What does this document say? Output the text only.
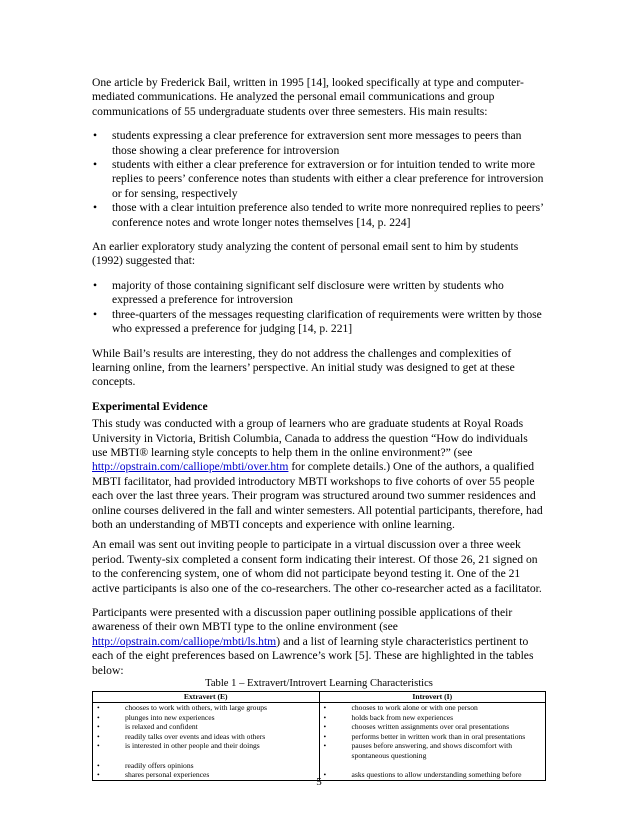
One article by Frederick Bail, written in 1995 [14], looked specifically at type and computer-mediated communications. He analyzed the personal email communications and group communications of 55 undergraduate students over three semesters. His main results:

• students expressing a clear preference for extraversion sent more messages to peers than those showing a clear preference for introversion
• students with either a clear preference for extraversion or for intuition tended to write more replies to peers’ conference notes than students with either a clear preference for introversion or for sensing, respectively
• those with a clear intuition preference also tended to write more nonrequired replies to peers’ conference notes and wrote longer notes themselves [14, p. 224]

An earlier exploratory study analyzing the content of personal email sent to him by students (1992) suggested that:

• majority of those containing significant self disclosure were written by students who expressed a preference for introversion
• three-quarters of the messages requesting clarification of requirements were written by those who expressed a preference for judging [14, p. 221]

While Bail’s results are interesting, they do not address the challenges and complexities of learning online, from the learners’ perspective. An initial study was designed to get at these concepts.

Experimental Evidence

This study was conducted with a group of learners who are graduate students at Royal Roads University in Victoria, British Columbia, Canada to address the question “How do individuals use MBTI® learning style concepts to help them in the online environment?” (see http://opstrain.com/calliope/mbti/over.htm for complete details.) One of the authors, a qualified MBTI facilitator, had provided introductory MBTI workshops to five cohorts of over 55 people each over the last three years. Their program was structured around two summer residences and online courses delivered in the fall and winter semesters. All potential participants, therefore, had both an understanding of MBTI concepts and experience with online learning.

An email was sent out inviting people to participate in a virtual discussion over a three week period. Twenty-six completed a consent form indicating their interest. Of those 26, 21 signed on to the conferencing system, one of whom did not participate beyond testing it. One of the 21 active participants is also one of the co-researchers. The other co-researcher acted as a facilitator.

Participants were presented with a discussion paper outlining possible applications of their awareness of their own MBTI type to the online environment (see http://opstrain.com/calliope/mbti/ls.htm) and a list of learning style characteristics pertinent to each of the eight preferences based on Lawrence’s work [5]. These are highlighted in the tables below:

Table 1 – Extravert/Introvert Learning Characteristics
Extravert (E)	Introvert (I)

• chooses to work with others, with large groups	• chooses to work alone or with one person

• plunges into new experiences	• holds back from new experiences

• is relaxed and confident	• chooses written assignments over oral presentations

• readily talks over events and ideas with others	• performs better in written work than in oral presentations

• is interested in other people and their doings	• pauses before answering, and shows discomfort with

	spontaneous questioning

• readily offers opinions

• shares personal experiences	• asks questions to allow understanding something before
5
